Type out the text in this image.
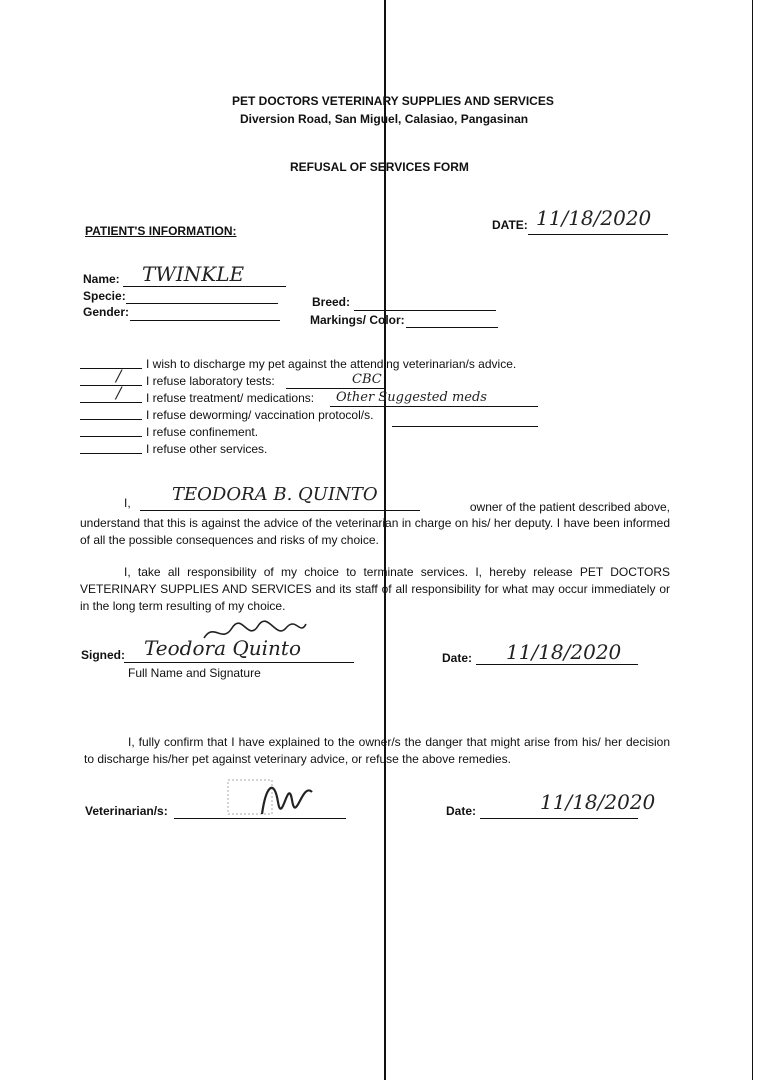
PET DOCTORS VETERINARY SUPPLIES AND SERVICES
Diversion Road, San Miguel, Calasiao, Pangasinan
REFUSAL OF SERVICES FORM
PATIENT'S INFORMATION:	DATE: 11/18/2020
Name: TWINKLE
Specie:
Gender:
Breed:
Markings/ Color:
I wish to discharge my pet against the attending veterinarian/s advice.
/ I refuse laboratory tests:	CBC
/ I refuse treatment/ medications: Other Suggested meds
I refuse deworming/ vaccination protocol/s.
I refuse confinement.
I refuse other services.
I, TEODORA B. QUINTO
owner of the patient described above,
understand that this is against the advice of the veterinarian in charge on his/ her deputy. I have been informed of all the possible consequences and risks of my choice.
I, take all responsibility of my choice to terminate services. I, hereby release PET DOCTORS VETERINARY SUPPLIES AND SERVICES and its staff of all responsibility for what may occur immediately or in the long term resulting of my choice.
Signed: Teodora Quinto
Full Name and Signature
Date: 11/18/2020
I, fully confirm that I have explained to the owner/s the danger that might arise from his/ her decision to discharge his/her pet against veterinary advice, or refuse the above remedies.
Veterinarian/s:	Date:	11/18/2020
